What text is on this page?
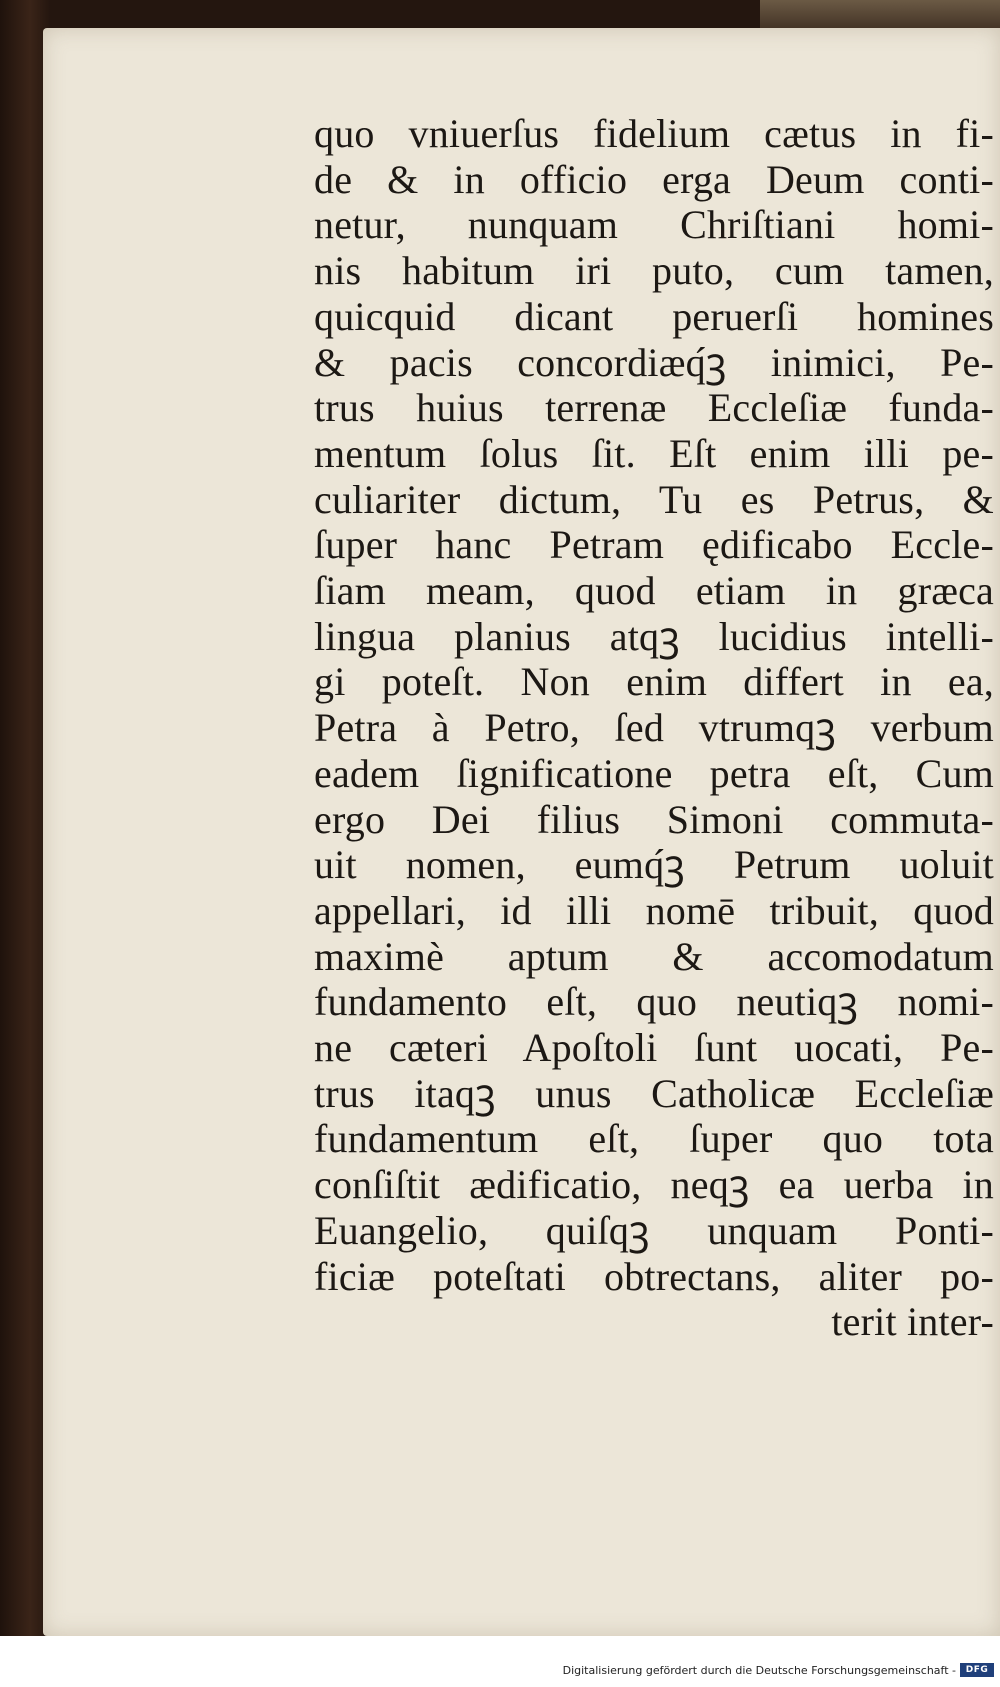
quo vniuerſus fidelium cætus in fi-
de & in officio erga Deum conti-
netur, nunquam Chriſtiani homi-
nis habitum iri puto, cum tamen,
quicquid dicant peruerſi homines
& pacis concordiæq́ꝫ inimici, Pe-
trus huius terrenæ Eccleſiæ funda-
mentum ſolus ſit. Eſt enim illi pe-
culiariter dictum, Tu es Petrus, &
ſuper hanc Petram ędificabo Eccle-
ſiam meam, quod etiam in græca
lingua planius atqꝫ lucidius intelli-
gi poteſt. Non enim differt in ea,
Petra à Petro, ſed vtrumqꝫ verbum
eadem ſignificatione petra eſt, Cum
ergo Dei filius Simoni commuta-
uit nomen, eumq́ꝫ Petrum uoluit
appellari, id illi nomē tribuit, quod
maximè aptum & accomodatum
fundamento eſt, quo neutiqꝫ nomi-
ne cæteri Apoſtoli ſunt uocati, Pe-
trus itaqꝫ unus Catholicæ Eccleſiæ
fundamentum eſt, ſuper quo tota
conſiſtit ædificatio, neqꝫ ea uerba in
Euangelio, quiſqꝫ unquam Ponti-
ficiæ poteſtati obtrectans, aliter po-
terit inter-
Digitalisierung gefördert durch die Deutsche Forschungsgemeinschaft -	DFG
